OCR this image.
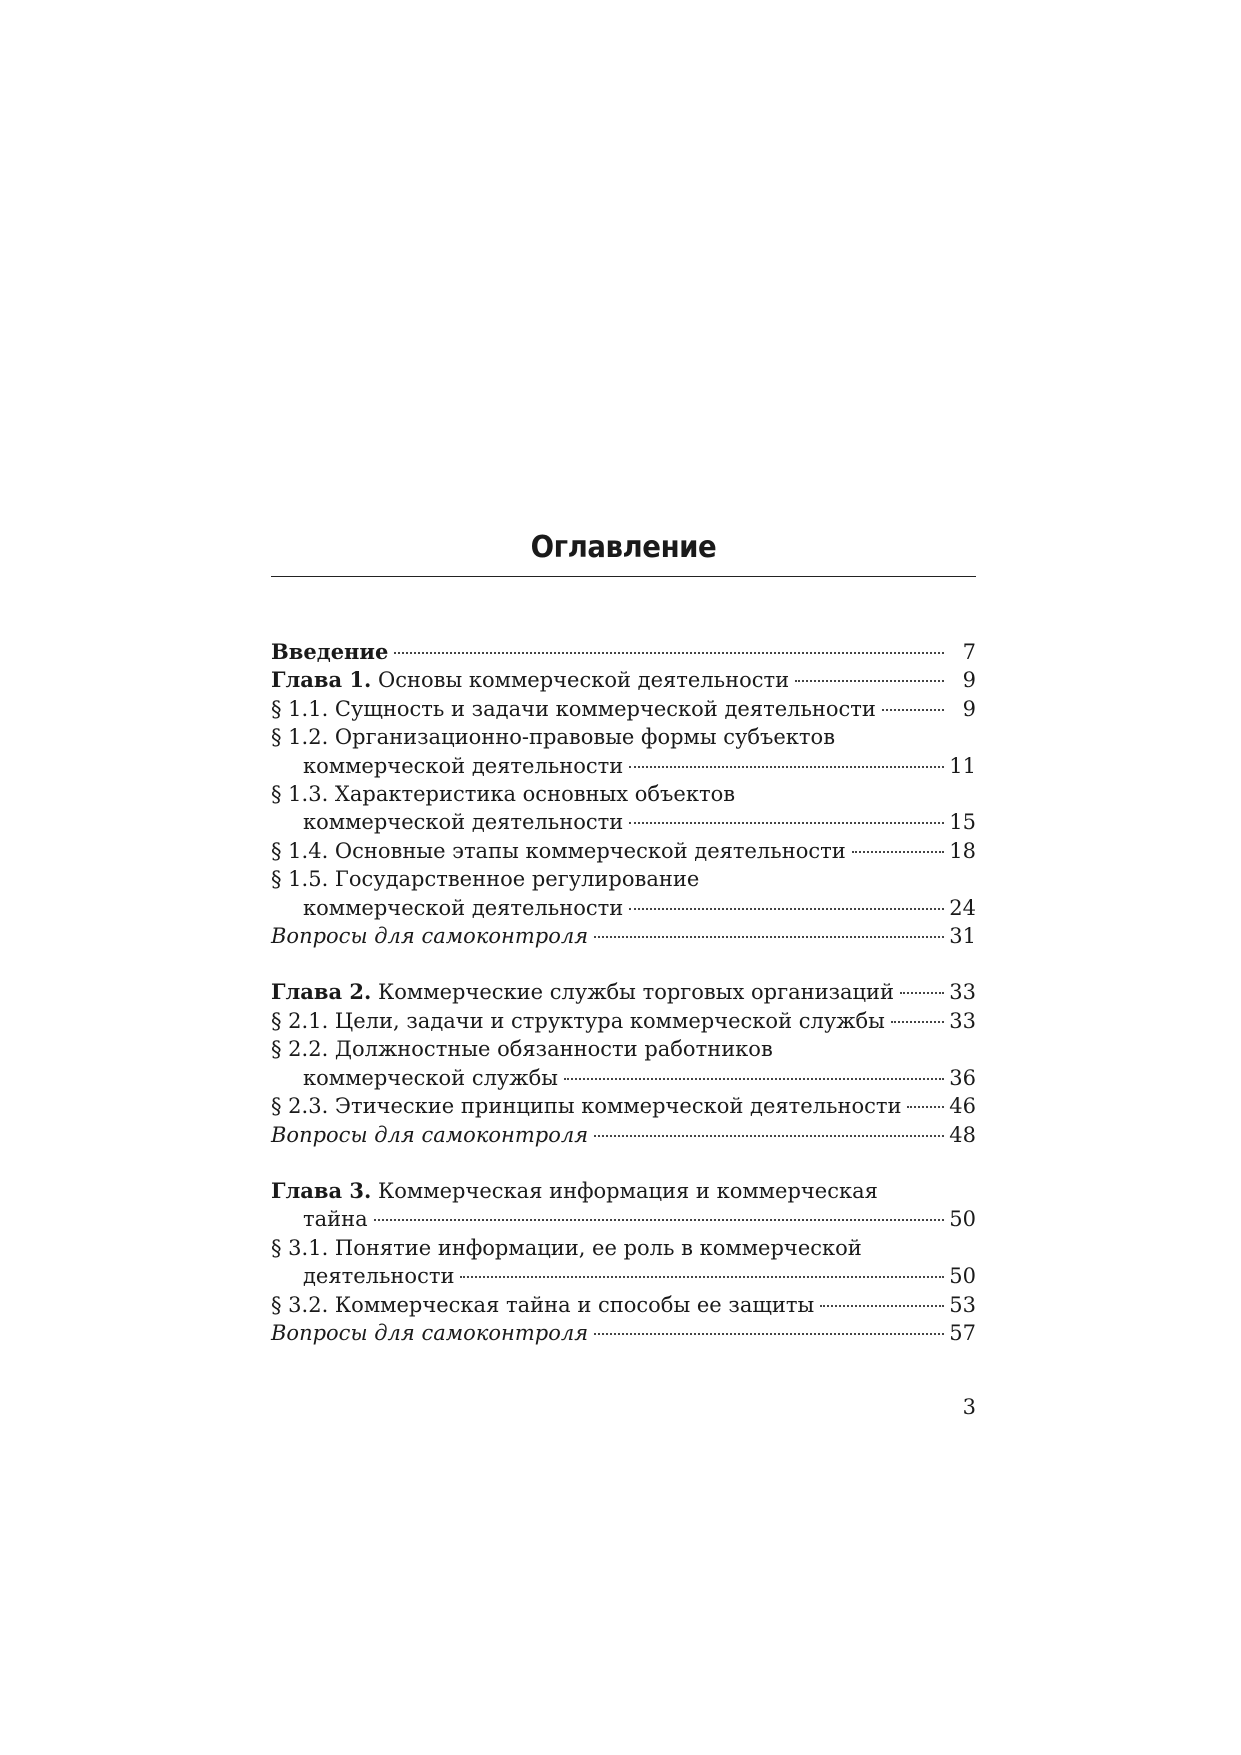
Оглавление
Введение	7
Глава 1. Основы коммерческой деятельности	9
§ 1.1. Сущность и задачи коммерческой деятельности	9
§ 1.2. Организационно-правовые формы субъектов
коммерческой деятельности	11
§ 1.3. Характеристика основных объектов
коммерческой деятельности	15
§ 1.4. Основные этапы коммерческой деятельности	18
§ 1.5. Государственное регулирование
коммерческой деятельности	24
Вопросы для самоконтроля	31
Глава 2. Коммерческие службы торговых организаций	33
§ 2.1. Цели, задачи и структура коммерческой службы	33
§ 2.2. Должностные обязанности работников
коммерческой службы	36
§ 2.3. Этические принципы коммерческой деятельности 46
Вопросы для самоконтроля	48
Глава 3. Коммерческая информация и коммерческая
тайна	50
§ 3.1. Понятие информации, ее роль в коммерческой
деятельности	50
§ 3.2. Коммерческая тайна и способы ее защиты	53
Вопросы для самоконтроля	57
3
